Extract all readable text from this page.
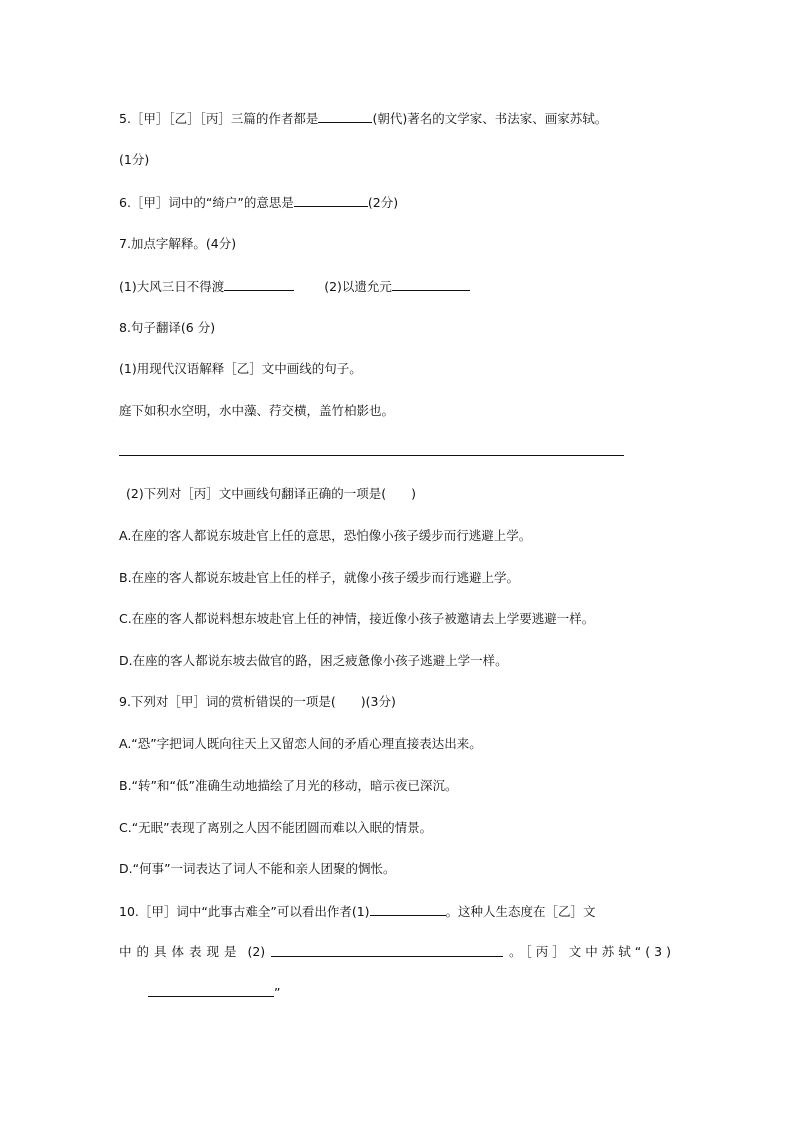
5.［甲］［乙］［丙］三篇的作者都是	(朝代)著名的文学家、书法家、画家苏轼。
(1分)
6.［甲］词中的“绮户”的意思是	(2分)
7.加点字解释。(4分)
(1)大风三日不得渡	(2)以遗允元
8.句子翻译(6 分)
(1)用现代汉语解释［乙］文中画线的句子。
庭下如积水空明，水中藻、荇交横，盖竹柏影也。
(2)下列对［丙］文中画线句翻译正确的一项是(　　)
A.在座的客人都说东坡赴官上任的意思，恐怕像小孩子缓步而行逃避上学。
B.在座的客人都说东坡赴官上任的样子，就像小孩子缓步而行逃避上学。
C.在座的客人都说料想东坡赴官上任的神情，接近像小孩子被邀请去上学要逃避一样。
D.在座的客人都说东坡去做官的路，困乏疲惫像小孩子逃避上学一样。
9.下列对［甲］词的赏析错误的一项是(　　)(3分)
A.“恐”字把词人既向往天上又留恋人间的矛盾心理直接表达出来。
B.“转”和“低”准确生动地描绘了月光的移动，暗示夜已深沉。
C.“无眠”表现了离别之人因不能团圆而难以入眠的情景。
D.“何事”一词表达了词人不能和亲人团聚的惆怅。
10.［甲］词中“此事古难全”可以看出作者(1)	。这种人生态度在［乙］文
中的具体表现是 (2)	。［丙］文中苏轼“(3)
”
